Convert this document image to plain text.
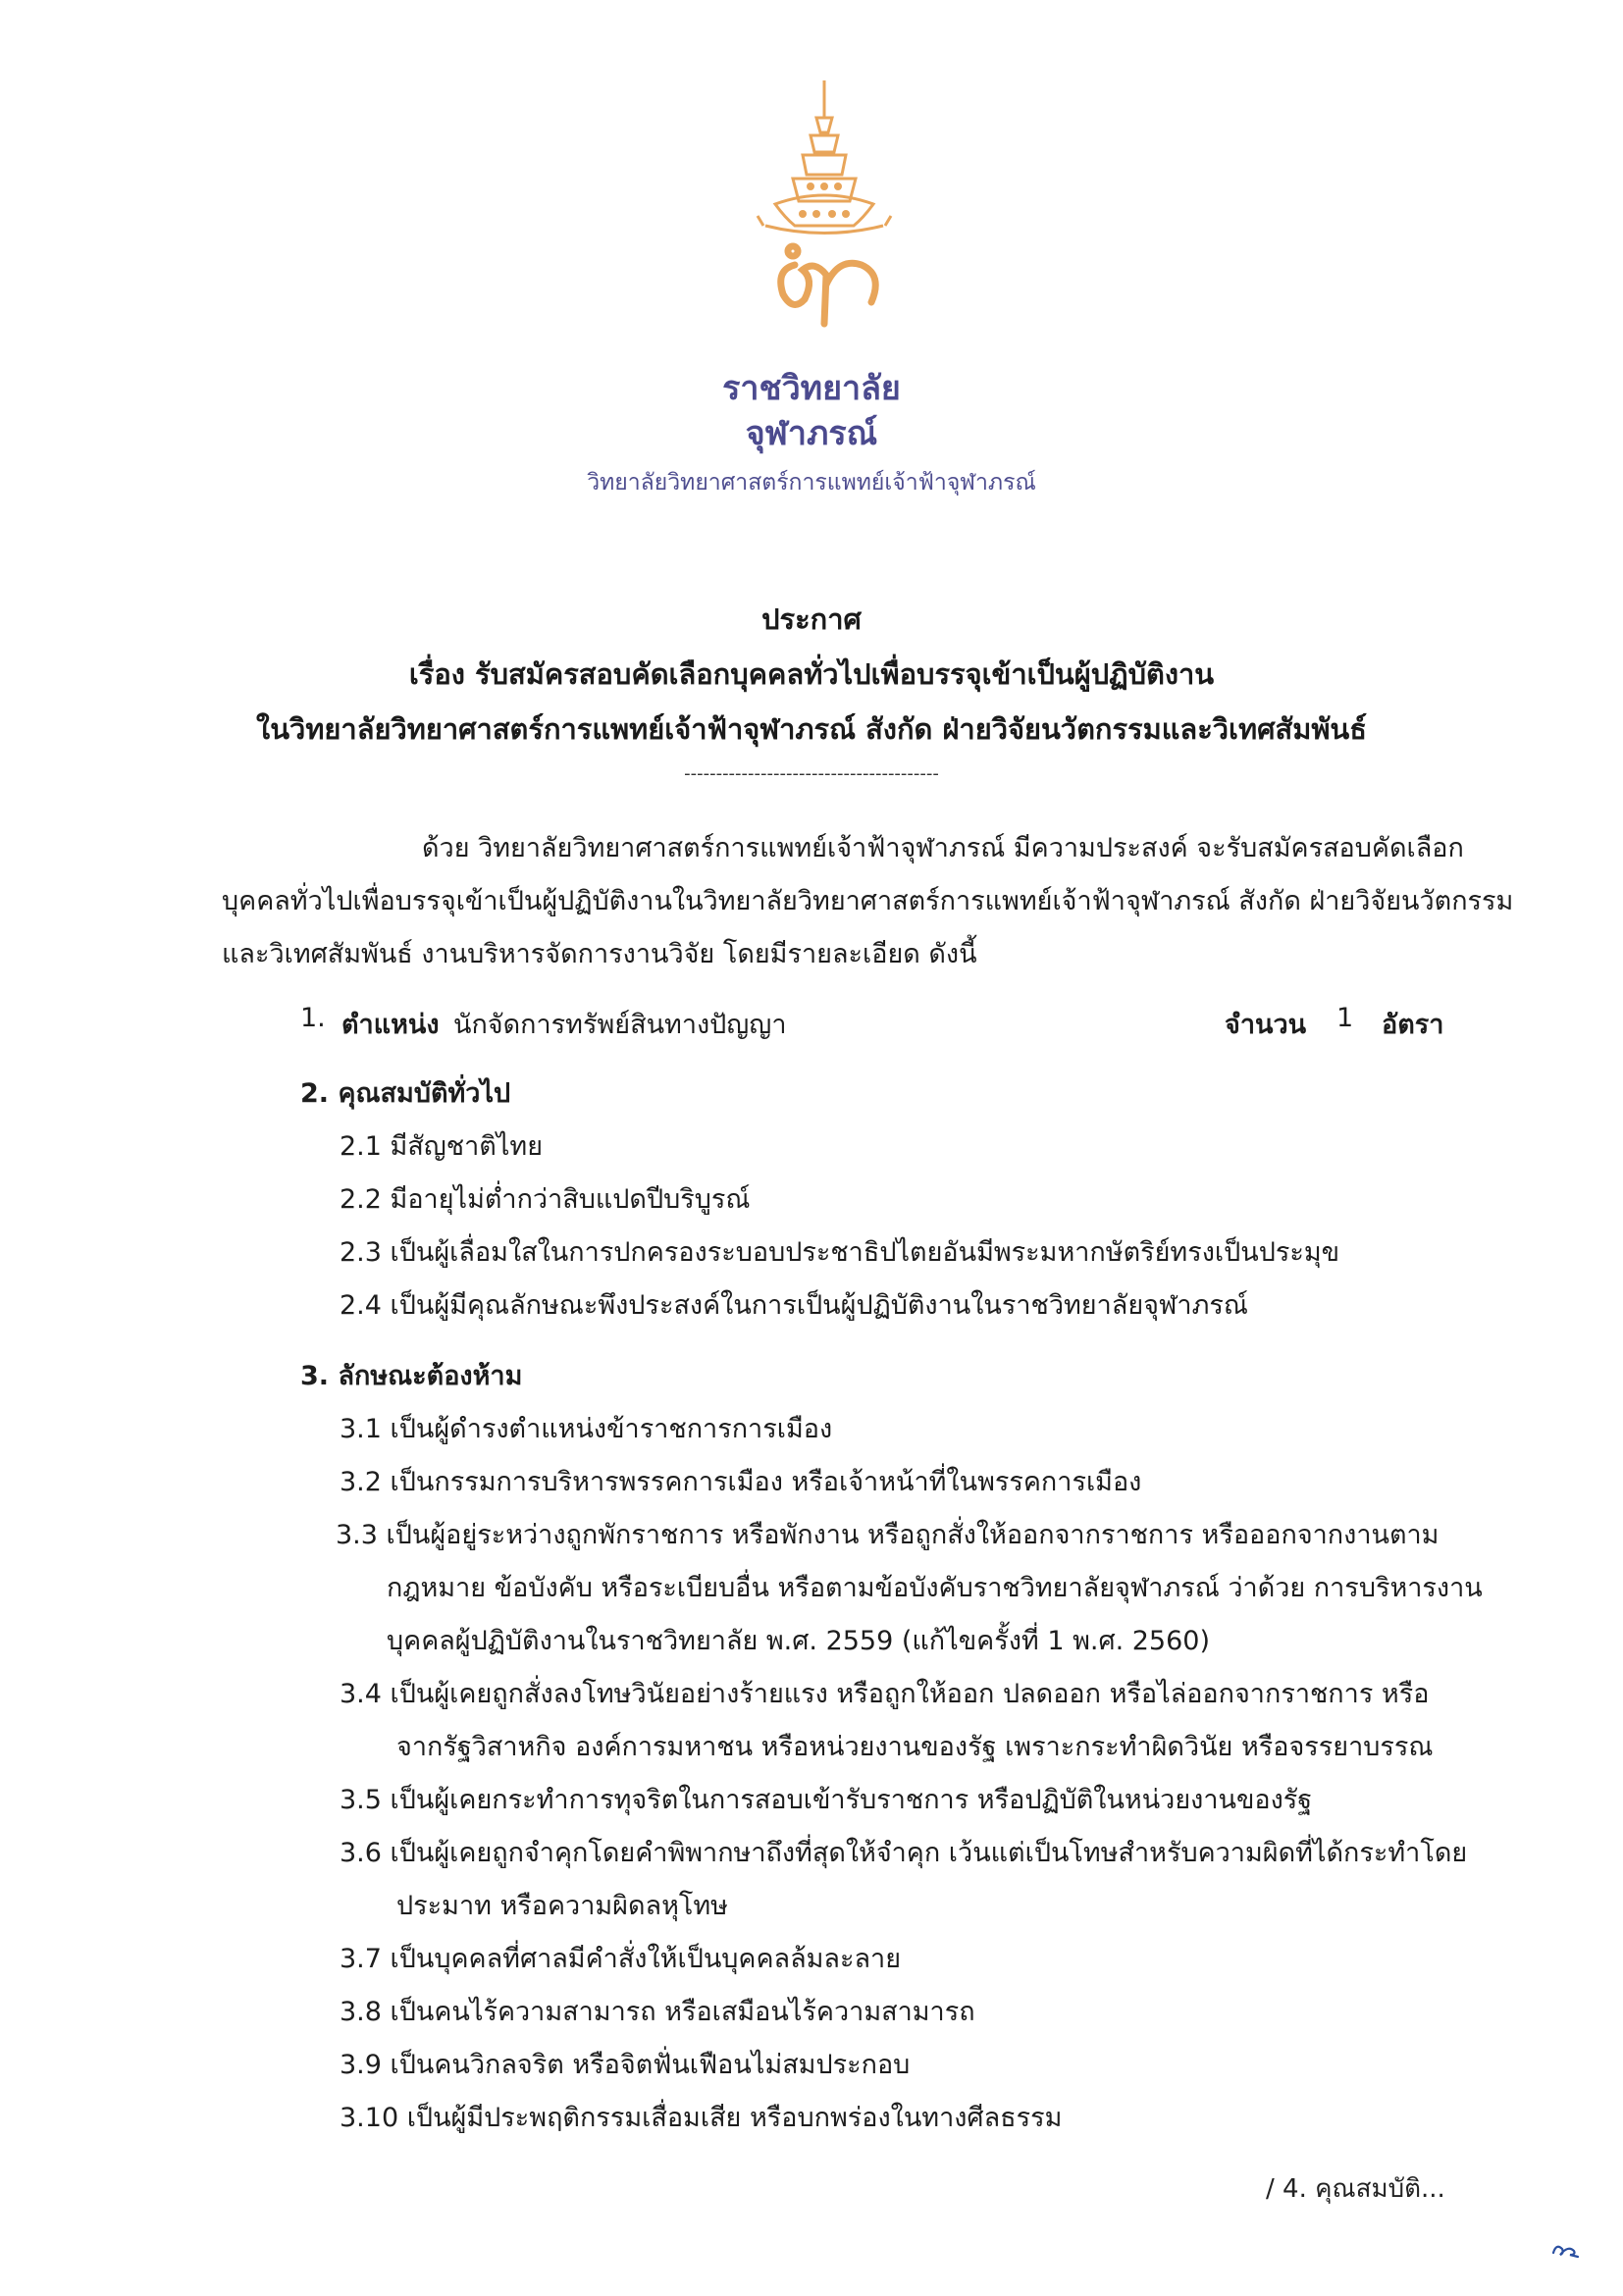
ราชวิทยาลัย
จุฬาภรณ์
วิทยาลัยวิทยาศาสตร์การแพทย์เจ้าฟ้าจุฬาภรณ์
ประกาศ
เรื่อง รับสมัครสอบคัดเลือกบุคคลทั่วไปเพื่อบรรจุเข้าเป็นผู้ปฏิบัติงาน
ในวิทยาลัยวิทยาศาสตร์การแพทย์เจ้าฟ้าจุฬาภรณ์ สังกัด ฝ่ายวิจัยนวัตกรรมและวิเทศสัมพันธ์
----------------------------------------
ด้วย วิทยาลัยวิทยาศาสตร์การแพทย์เจ้าฟ้าจุฬาภรณ์ มีความประสงค์ จะรับสมัครสอบคัดเลือก
บุคคลทั่วไปเพื่อบรรจุเข้าเป็นผู้ปฏิบัติงานในวิทยาลัยวิทยาศาสตร์การแพทย์เจ้าฟ้าจุฬาภรณ์ สังกัด ฝ่ายวิจัยนวัตกรรม
และวิเทศสัมพันธ์ งานบริหารจัดการงานวิจัย โดยมีรายละเอียด ดังนี้
1. ตำแหน่ง นักจัดการทรัพย์สินทางปัญญา	จำนวน 1 อัตรา
2. คุณสมบัติทั่วไป
2.1 มีสัญชาติไทย
2.2 มีอายุไม่ต่ำกว่าสิบแปดปีบริบูรณ์
2.3 เป็นผู้เลื่อมใสในการปกครองระบอบประชาธิปไตยอันมีพระมหากษัตริย์ทรงเป็นประมุข
2.4 เป็นผู้มีคุณลักษณะพึงประสงค์ในการเป็นผู้ปฏิบัติงานในราชวิทยาลัยจุฬาภรณ์
3. ลักษณะต้องห้าม
3.1 เป็นผู้ดำรงตำแหน่งข้าราชการการเมือง
3.2 เป็นกรรมการบริหารพรรคการเมือง หรือเจ้าหน้าที่ในพรรคการเมือง
3.3 เป็นผู้อยู่ระหว่างถูกพักราชการ หรือพักงาน หรือถูกสั่งให้ออกจากราชการ หรือออกจากงานตาม
กฎหมาย ข้อบังคับ หรือระเบียบอื่น หรือตามข้อบังคับราชวิทยาลัยจุฬาภรณ์ ว่าด้วย การบริหารงาน
บุคคลผู้ปฏิบัติงานในราชวิทยาลัย พ.ศ. 2559 (แก้ไขครั้งที่ 1 พ.ศ. 2560)
3.4 เป็นผู้เคยถูกสั่งลงโทษวินัยอย่างร้ายแรง หรือถูกให้ออก ปลดออก หรือไล่ออกจากราชการ หรือ
จากรัฐวิสาหกิจ องค์การมหาชน หรือหน่วยงานของรัฐ เพราะกระทำผิดวินัย หรือจรรยาบรรณ
3.5 เป็นผู้เคยกระทำการทุจริตในการสอบเข้ารับราชการ หรือปฏิบัติในหน่วยงานของรัฐ
3.6 เป็นผู้เคยถูกจำคุกโดยคำพิพากษาถึงที่สุดให้จำคุก เว้นแต่เป็นโทษสำหรับความผิดที่ได้กระทำโดย
ประมาท หรือความผิดลหุโทษ
3.7 เป็นบุคคลที่ศาลมีคำสั่งให้เป็นบุคคลล้มละลาย
3.8 เป็นคนไร้ความสามารถ หรือเสมือนไร้ความสามารถ
3.9 เป็นคนวิกลจริต หรือจิตฟั่นเฟือนไม่สมประกอบ
3.10 เป็นผู้มีประพฤติกรรมเสื่อมเสีย หรือบกพร่องในทางศีลธรรม
/ 4. คุณสมบัติ...
